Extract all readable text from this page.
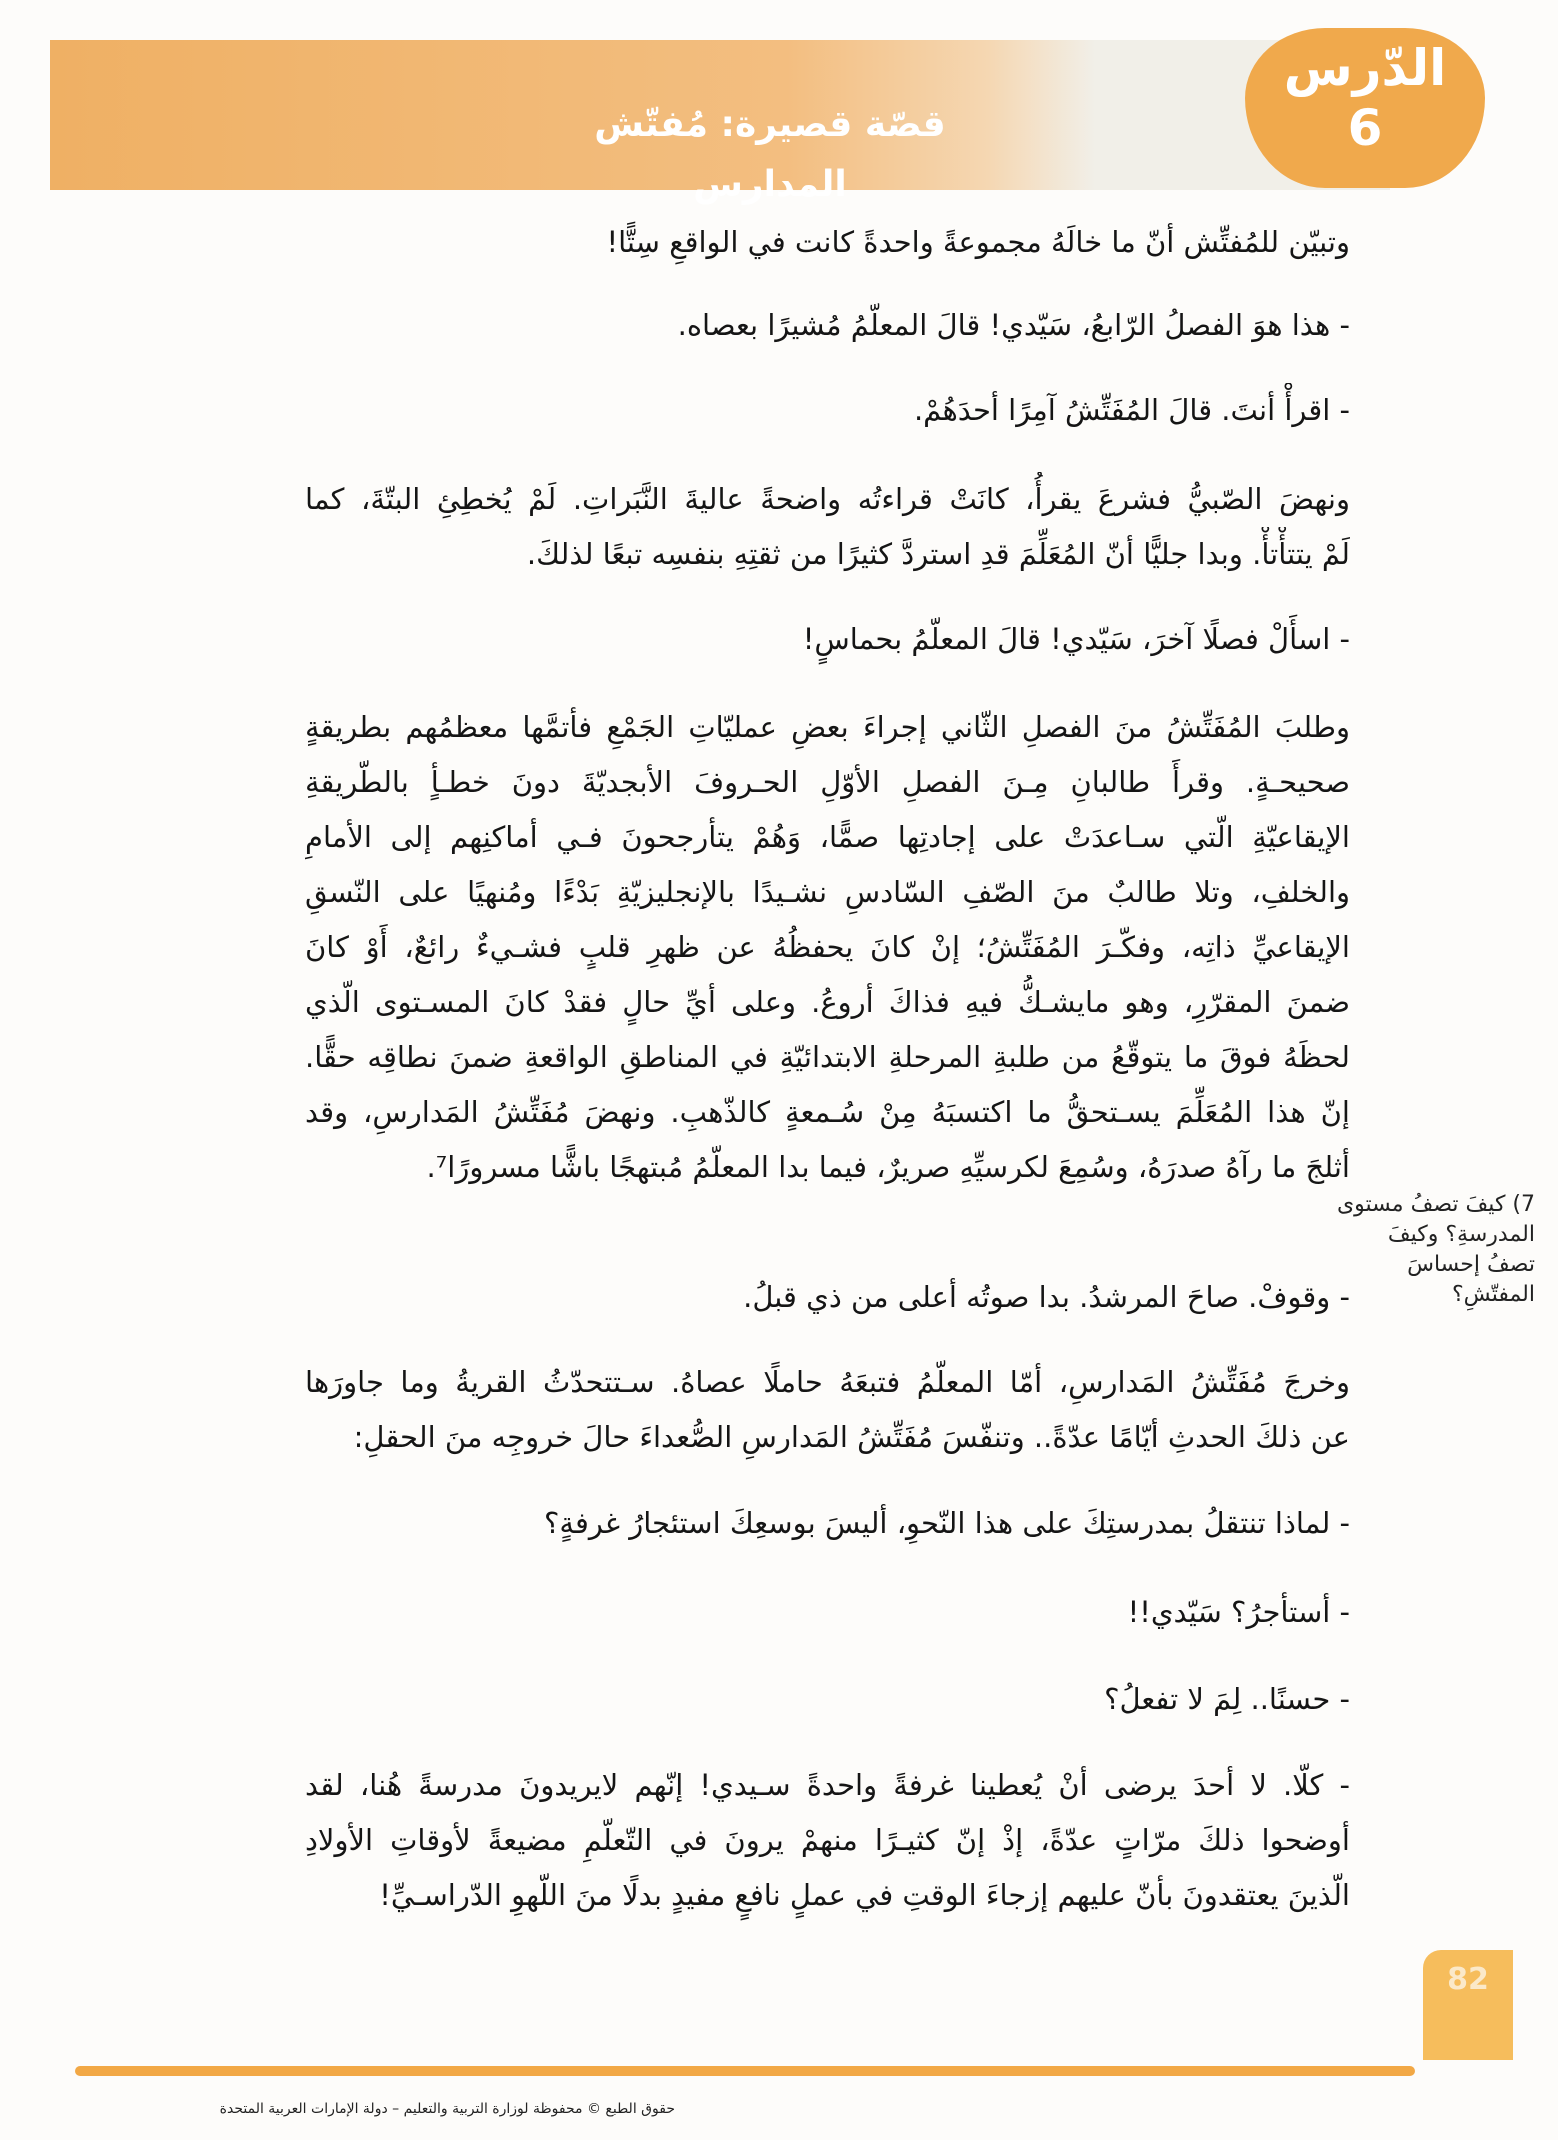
قصّة قصيرة: مُفتّش المدارس
الدّرس
6
وتبيّن للمُفتِّش أنّ ما خالَهُ مجموعةً واحدةً كانت في الواقعِ سِتًّا!
- هذا هوَ الفصلُ الرّابعُ، سَيّدي! قالَ المعلّمُ مُشيرًا بعصاه.
- اقرأْ أنتَ. قالَ المُفَتِّشُ آمِرًا أحدَهُمْ.
ونهضَ الصّبيُّ فشرعَ يقرأُ، كانَتْ قراءتُه واضحةً عاليةَ النَّبَراتِ. لَمْ يُخطِئِ البتّةَ، كما
لَمْ يتتأْتأْ. وبدا جليًّا أنّ المُعَلِّمَ قدِ استردَّ كثيرًا من ثقتِهِ بنفسِه تبعًا لذلكَ.
- اسأَلْ فصلًا آخرَ، سَيّدي! قالَ المعلّمُ بحماسٍ!
وطلبَ المُفَتِّشُ منَ الفصلِ الثّاني إجراءَ بعضِ عمليّاتِ الجَمْعِ فأتمَّها معظمُهم بطريقةٍ
صحيحـةٍ. وقرأَ طالبانِ مِـنَ الفصلِ الأوّلِ الحـروفَ الأبجديّةَ دونَ خطـأٍ بالطّريقةِ
الإيقاعيّةِ الّتي سـاعدَتْ على إجادتِها صمًّا، وَهُمْ يتأرجحونَ فـي أماكنِهم إلى الأمامِ
والخلفِ، وتلا طالبٌ منَ الصّفِ السّادسِ نشـيدًا بالإنجليزيّةِ بَدْءًا ومُنهيًا على النّسقِ
الإيقاعيِّ ذاتِه، وفكّـرَ المُفَتِّشُ؛ إنْ كانَ يحفظُهُ عن ظهرِ قلبٍ فشـيءٌ رائعٌ، أَوْ كانَ
ضمنَ المقرّرِ، وهو مايشـكُّ فيهِ فذاكَ أروعُ. وعلى أيِّ حالٍ فقدْ كانَ المسـتوى الّذي
لحظَهُ فوقَ ما يتوقّعُ من طلبةِ المرحلةِ الابتدائيّةِ في المناطقِ الواقعةِ ضمنَ نطاقِه حقًّا.
إنّ هذا المُعَلِّمَ يسـتحقُّ ما اكتسبَهُ مِنْ سُـمعةٍ كالذّهبِ. ونهضَ مُفَتِّشُ المَدارسِ، وقد
أثلجَ ما رآهُ صدرَهُ، وسُمِعَ لكرسيِّهِ صريرٌ، فيما بدا المعلّمُ مُبتهجًا باشًّا مسرورًا⁷.
- وقوفْ. صاحَ المرشدُ. بدا صوتُه أعلى من ذي قبلُ.
وخرجَ مُفَتِّشُ المَدارسِ، أمّا المعلّمُ فتبعَهُ حاملًا عصاهُ. سـتتحدّثُ القريةُ وما جاورَها
عن ذلكَ الحدثِ أيّامًا عدّةً.. وتنفّسَ مُفَتِّشُ المَدارسِ الصُّعداءَ حالَ خروجِه منَ الحقلِ:
- لماذا تنتقلُ بمدرستِكَ على هذا النّحوِ، أليسَ بوسعِكَ استئجارُ غرفةٍ؟
- أستأجرُ؟ سَيّدي!!
- حسنًا.. لِمَ لا تفعلُ؟
- كلّا. لا أحدَ يرضى أنْ يُعطينا غرفةً واحدةً سـيدي! إنّهم لايريدونَ مدرسةً هُنا، لقد
أوضحوا ذلكَ مرّاتٍ عدّةً، إذْ إنّ كثيـرًا منهمْ يرونَ في التّعلّمِ مضيعةً لأوقاتِ الأولادِ
الّذينَ يعتقدونَ بأنّ عليهم إزجاءَ الوقتِ في عملٍ نافعٍ مفيدٍ بدلًا منَ اللّهوِ الدّراسـيِّ!
7) كيفَ تصفُ مستوى
المدرسةِ؟ وكيفَ
تصفُ إحساسَ
المفتّشِ؟
82
حقوق الطبع © محفوظة لوزارة التربية والتعليم – دولة الإمارات العربية المتحدة
